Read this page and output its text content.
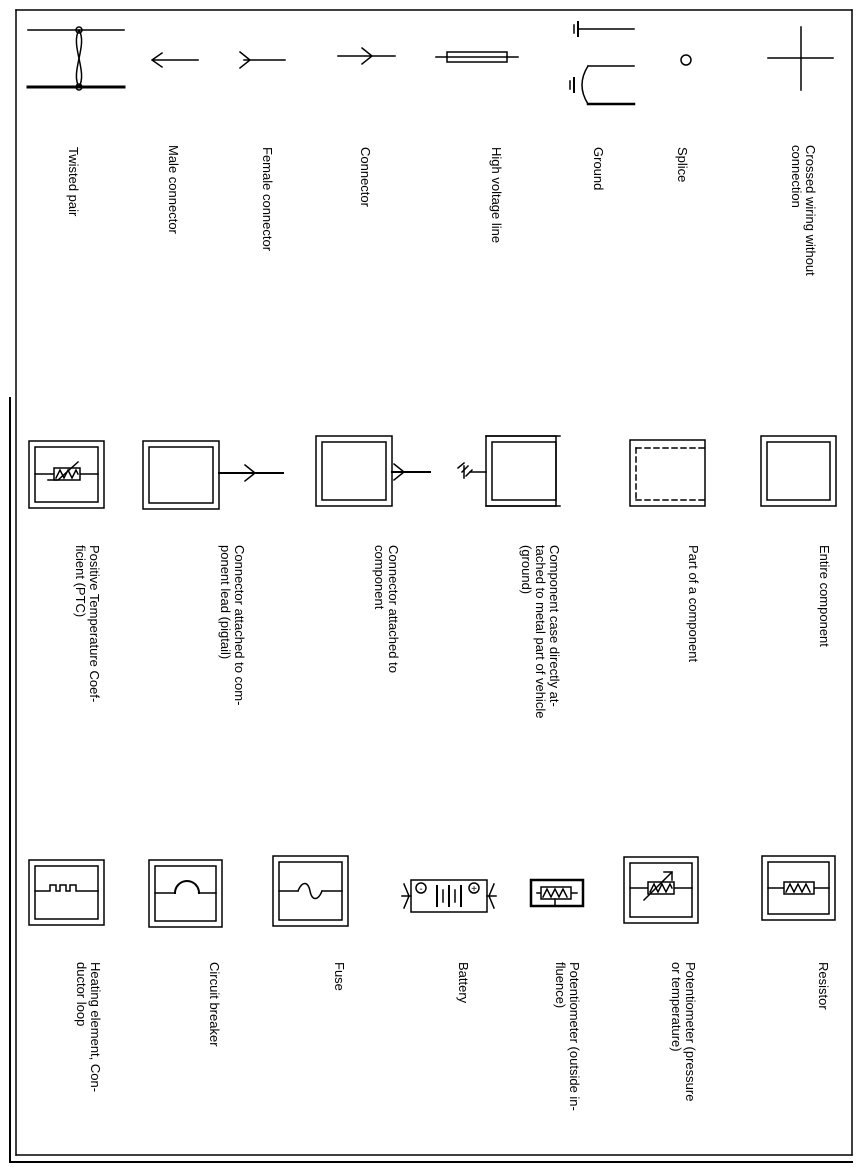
-	+
Twisted pair	Male connector	Female connector	Connector	High voltage line	Ground	Splice	Crossed wiring without
connection
Positive Temperature Coef-
ficient (PTC)	Connector attached to com-
ponent lead (pigtail)	Connector attached to
component	Component case directly at-
tached to metal part of vehicle
(ground)	Part of a component	Entire component
Heating element, Con-
ductor loop	Circuit breaker	Fuse	Battery	Potentiometer (outside in-
fluence)	Potentiometer (pressure
or temperature)	Resistor
